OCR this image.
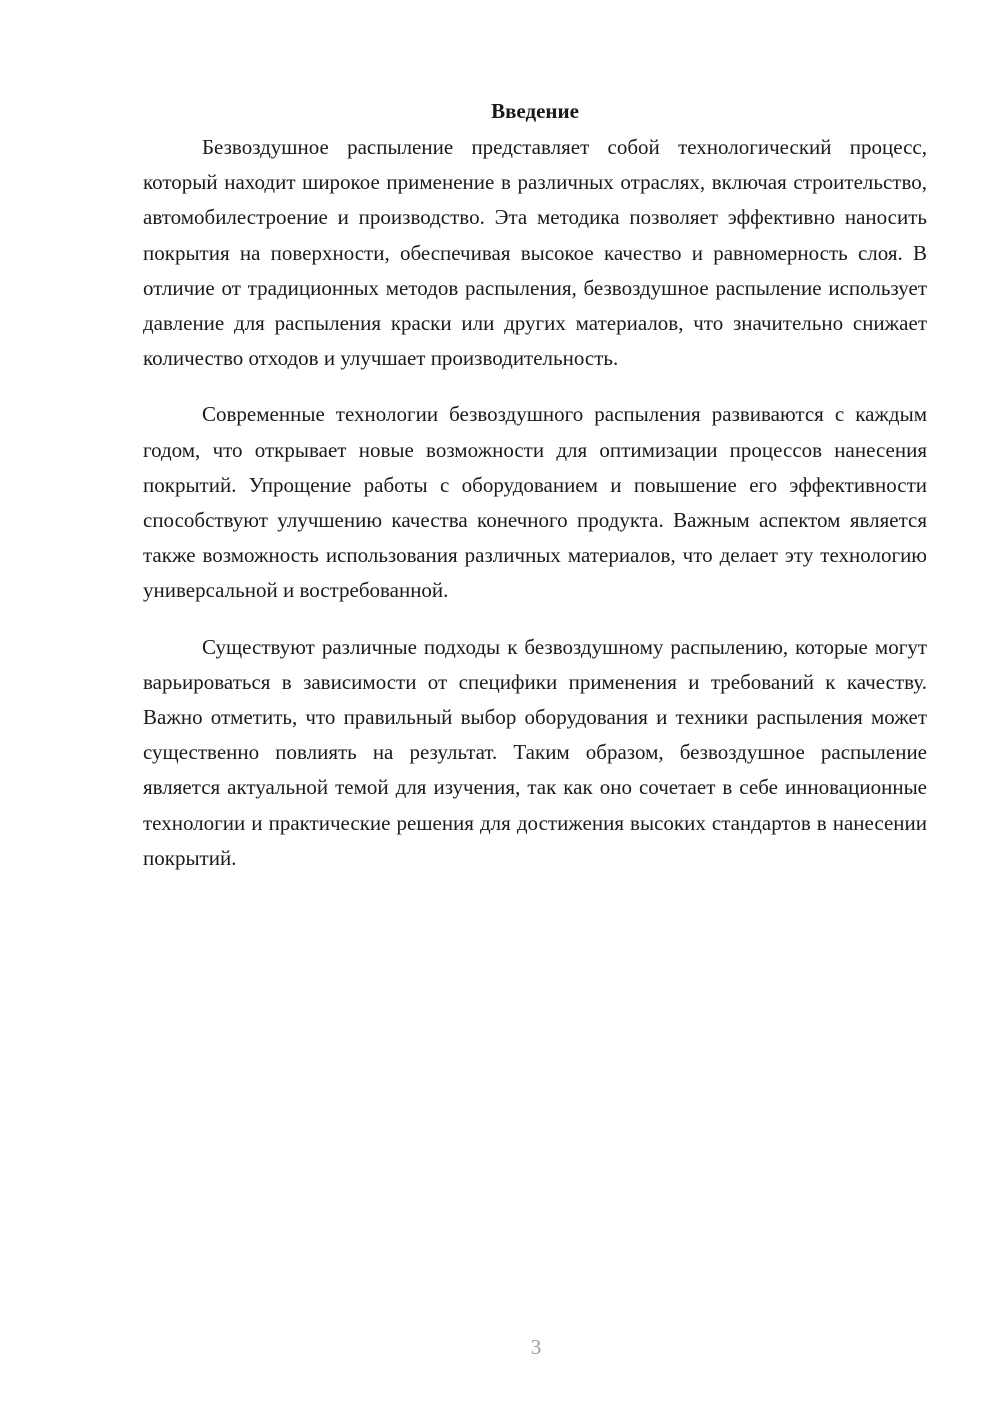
Введение

Безвоздушное распыление представляет собой технологический процесс, который находит широкое применение в различных отраслях, включая строительство, автомобилестроение и производство. Эта методика позволяет эффективно наносить покрытия на поверхности, обеспечивая высокое качество и равномерность слоя. В отличие от традиционных методов распыления, безвоздушное распыление использует давление для распыления краски или других материалов, что значительно снижает количество отходов и улучшает производительность.

Современные технологии безвоздушного распыления развиваются с каждым годом, что открывает новые возможности для оптимизации процессов нанесения покрытий. Упрощение работы с оборудованием и повышение его эффективности способствуют улучшению качества конечного продукта. Важным аспектом является также возможность использования различных материалов, что делает эту технологию универсальной и востребованной.

Существуют различные подходы к безвоздушному распылению, которые могут варьироваться в зависимости от специфики применения и требований к качеству. Важно отметить, что правильный выбор оборудования и техники распыления может существенно повлиять на результат. Таким образом, безвоздушное распыление является актуальной темой для изучения, так как оно сочетает в себе инновационные технологии и практические решения для достижения высоких стандартов в нанесении покрытий.

3
